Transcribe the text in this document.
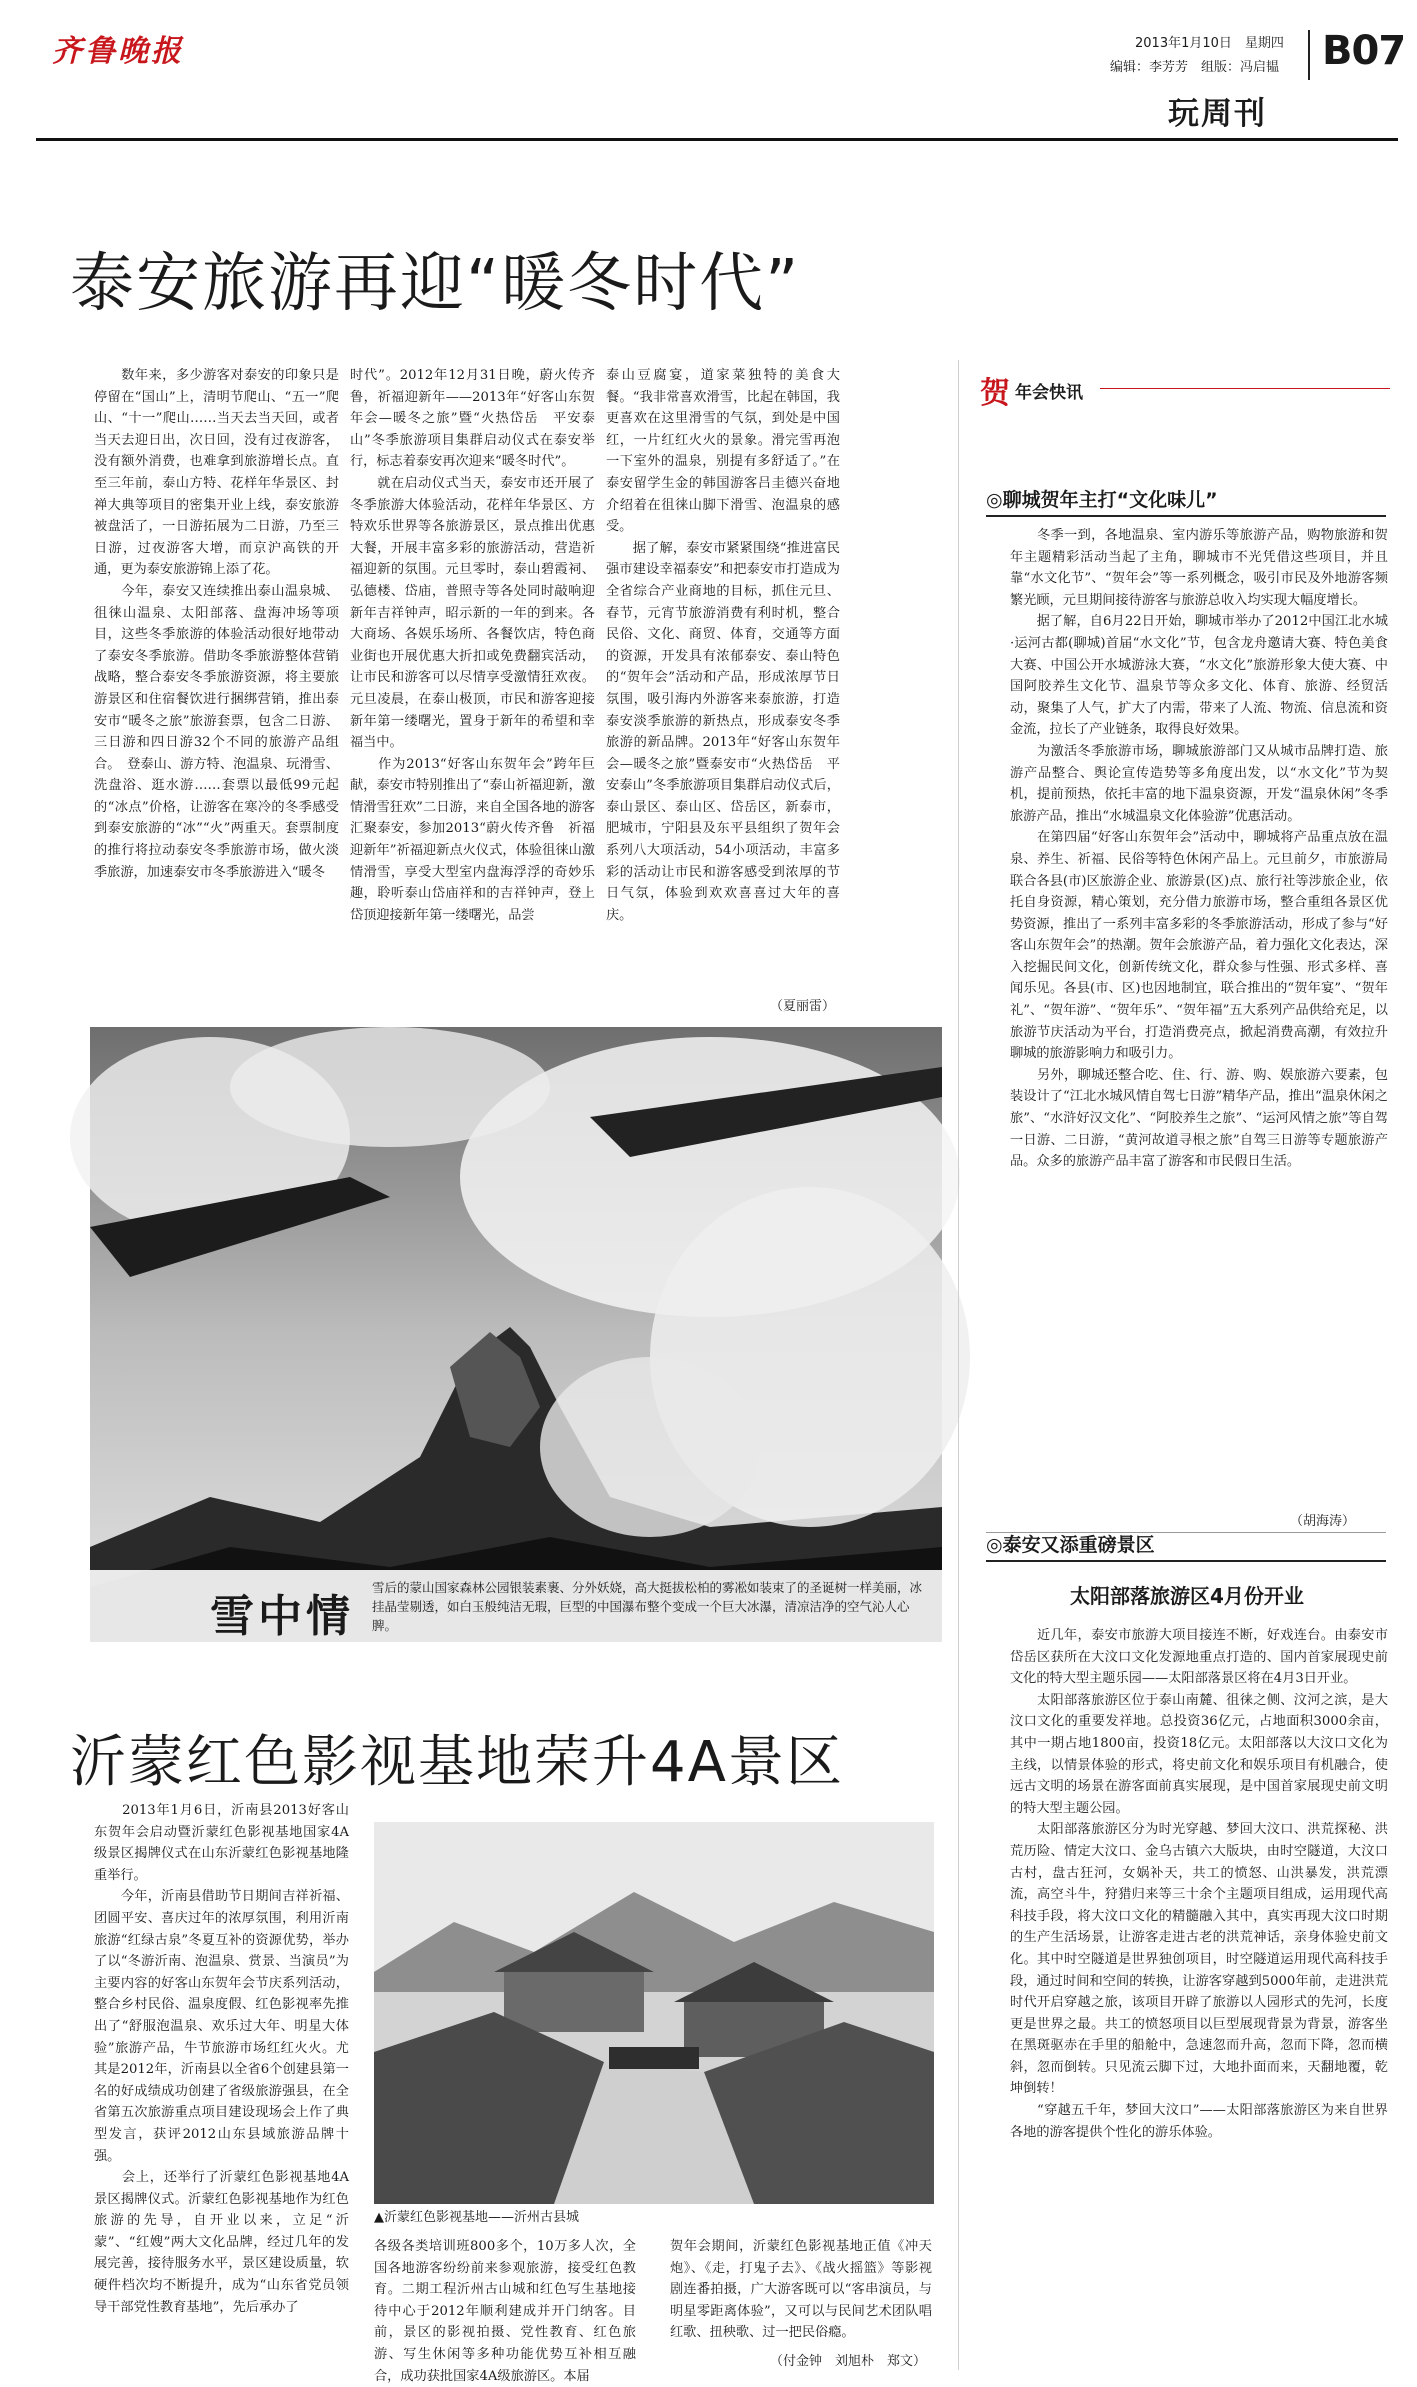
齐鲁晚报	2013年1月10日　星期四
编辑：李芳芳　组版：冯启韫 B07
玩周刊
泰安旅游再迎“暖冬时代”
　　数年来，多少游客对泰安的印象只是停留在“国山”上，清明节爬山、“五一”爬山、“十一”爬山……当天去当天回，或者当天去迎日出，次日回，没有过夜游客，没有额外消费，也难拿到旅游增长点。直至三年前，泰山方特、花样年华景区、封禅大典等项目的密集开业上线，泰安旅游被盘活了，一日游拓展为二日游，乃至三日游，过夜游客大增，而京沪高铁的开通，更为泰安旅游锦上添了花。
　　今年，泰安又连续推出泰山温泉城、徂徕山温泉、太阳部落、盘海冲场等项目，这些冬季旅游的体验活动很好地带动了泰安冬季旅游。借助冬季旅游整体营销战略，整合泰安冬季旅游资源，将主要旅游景区和住宿餐饮进行捆绑营销，推出泰安市“暖冬之旅”旅游套票，包含二日游、三日游和四日游32个不同的旅游产品组合。　登泰山、游方特、泡温泉、玩滑雪、洗盘浴、逛水游……套票以最低99元起的“冰点”价格，让游客在寒冷的冬季感受到泰安旅游的“冰”“火”两重天。套票制度的推行将拉动泰安冬季旅游市场，做火淡季旅游，加速泰安市冬季旅游进入“暖冬
时代”。2012年12月31日晚，蔚火传齐鲁，祈福迎新年——2013年“好客山东贺年会—暖冬之旅”暨“火热岱岳　平安泰山”冬季旅游项目集群启动仪式在泰安举行，标志着泰安再次迎来“暖冬时代”。
　　就在启动仪式当天，泰安市还开展了冬季旅游大体验活动，花样年华景区、方特欢乐世界等各旅游景区，景点推出优惠大餐，开展丰富多彩的旅游活动，营造祈福迎新的氛围。元旦零时，泰山碧霞祠、弘德楼、岱庙，普照寺等各处同时敲响迎新年吉祥钟声，昭示新的一年的到来。各大商场、各娱乐场所、各餐饮店，特色商业街也开展优惠大折扣或免费翻宾活动，让市民和游客可以尽情享受激情狂欢夜。元旦凌晨，在泰山极顶，市民和游客迎接新年第一缕曙光，置身于新年的希望和幸福当中。
　　作为2013“好客山东贺年会”跨年巨献，泰安市特别推出了“泰山祈福迎新，激情滑雪狂欢”二日游，来自全国各地的游客汇聚泰安，参加2013“蔚火传齐鲁　祈福迎新年”祈福迎新点火仪式，体验徂徕山激情滑雪，享受大型室内盘海浮浮的奇妙乐趣，聆听泰山岱庙祥和的吉祥钟声，登上岱顶迎接新年第一缕曙光，品尝
泰山豆腐宴，道家菜独特的美食大餐。“我非常喜欢滑雪，比起在韩国，我更喜欢在这里滑雪的气氛，到处是中国红，一片红红火火的景象。滑完雪再泡一下室外的温泉，别提有多舒适了。”在泰安留学生金的韩国游客吕圭德兴奋地介绍着在徂徕山脚下滑雪、泡温泉的感受。
　　据了解，泰安市紧紧围绕“推进富民强市建设幸福泰安”和把泰安市打造成为全省综合产业商地的目标，抓住元旦、春节，元宵节旅游消费有利时机，整合民俗、文化、商贸、体育，交通等方面的资源，开发具有浓郁泰安、泰山特色的“贺年会”活动和产品，形成浓厚节日氛围，吸引海内外游客来泰旅游，打造泰安淡季旅游的新热点，形成泰安冬季旅游的新品牌。2013年“好客山东贺年会—暖冬之旅”暨泰安市“火热岱岳　平安泰山”冬季旅游项目集群启动仪式后，泰山景区、泰山区、岱岳区，新泰市，肥城市，宁阳县及东平县组织了贺年会系列八大项活动，54小项活动，丰富多彩的活动让市民和游客感受到浓厚的节日气氛，体验到欢欢喜喜过大年的喜庆。
（夏丽雷）
雪中情
雪后的蒙山国家森林公园银装素裹、分外妖娆，高大挺拔松柏的雾凇如装束了的圣诞树一样美丽，冰挂晶莹剔透，如白玉般纯洁无瑕，巨型的中国瀑布整个变成一个巨大冰瀑，清凉洁净的空气沁人心脾。
沂蒙红色影视基地荣升4A景区
　　2013年1月6日，沂南县2013好客山东贺年会启动暨沂蒙红色影视基地国家4A级景区揭牌仪式在山东沂蒙红色影视基地隆重举行。
　　今年，沂南县借助节日期间吉祥祈福、团圆平安、喜庆过年的浓厚氛围，利用沂南旅游“红绿古泉”冬夏互补的资源优势，举办了以“冬游沂南、泡温泉、赏景、当演员”为主要内容的好客山东贺年会节庆系列活动，整合乡村民俗、温泉度假、红色影视率先推出了“舒服泡温泉、欢乐过大年、明星大体验”旅游产品，牛节旅游市场红红火火。尤其是2012年，沂南县以全省6个创建县第一名的好成绩成功创建了省级旅游强县，在全省第五次旅游重点项目建设现场会上作了典型发言，获评2012山东县域旅游品牌十强。
　　会上，还举行了沂蒙红色影视基地4A景区揭牌仪式。沂蒙红色影视基地作为红色旅游的先导，自开业以来，立足“沂蒙”、“红嫂”两大文化品牌，经过几年的发展完善，接待服务水平，景区建设质量，软硬件档次均不断提升，成为“山东省党员领导干部党性教育基地”，先后承办了
▲沂蒙红色影视基地——沂州古县城
各级各类培训班800多个，10万多人次，全国各地游客纷纷前来参观旅游，接受红色教育。二期工程沂州古山城和红色写生基地接待中心于2012年顺利建成并开门纳客。目前，景区的影视拍摄、党性教育、红色旅游、写生休闲等多种功能优势互补相互融合，成功获批国家4A级旅游区。本届
贺年会期间，沂蒙红色影视基地正值《冲天炮》、《走，打鬼子去》、《战火摇篮》等影视剧连番拍摄，广大游客既可以“客串演员，与明星零距离体验”，又可以与民间艺术团队唱红歌、扭秧歌、过一把民俗瘾。
（付金钟　刘旭朴　郑文）
贺 年会快讯
◎聊城贺年主打“文化味儿”
　　冬季一到，各地温泉、室内游乐等旅游产品，购物旅游和贺年主题精彩活动当起了主角，聊城市不光凭借这些项目，并且靠“水文化节”、“贺年会”等一系列概念，吸引市民及外地游客频繁光顾，元旦期间接待游客与旅游总收入均实现大幅度增长。
　　据了解，自6月22日开始，聊城市举办了2012中国江北水城·运河古都(聊城)首届“水文化”节，包含龙舟邀请大赛、特色美食大赛、中国公开水城游泳大赛，“水文化”旅游形象大使大赛、中国阿胶养生文化节、温泉节等众多文化、体育、旅游、经贸活动，聚集了人气，扩大了内需，带来了人流、物流、信息流和资金流，拉长了产业链条，取得良好效果。
　　为激活冬季旅游市场，聊城旅游部门又从城市品牌打造、旅游产品整合、舆论宣传造势等多角度出发，以“水文化”节为契机，提前预热，依托丰富的地下温泉资源，开发“温泉休闲”冬季旅游产品，推出“水城温泉文化体验游”优惠活动。
　　在第四届“好客山东贺年会”活动中，聊城将产品重点放在温泉、养生、祈福、民俗等特色休闲产品上。元旦前夕，市旅游局联合各县(市)区旅游企业、旅游景(区)点、旅行社等涉旅企业，依托自身资源，精心策划，充分借力旅游市场，整合重组各景区优势资源，推出了一系列丰富多彩的冬季旅游活动，形成了参与“好客山东贺年会”的热潮。贺年会旅游产品，着力强化文化表达，深入挖掘民间文化，创新传统文化，群众参与性强、形式多样、喜闻乐见。各县(市、区)也因地制宜，联合推出的“贺年宴”、“贺年礼”、“贺年游”、“贺年乐”、“贺年福”五大系列产品供给充足，以旅游节庆活动为平台，打造消费亮点，掀起消费高潮，有效拉升聊城的旅游影响力和吸引力。
　　另外，聊城还整合吃、住、行、游、购、娱旅游六要素，包装设计了“江北水城风情自驾七日游”精华产品，推出“温泉休闲之旅”、“水浒好汉文化”、“阿胶养生之旅”、“运河风情之旅”等自驾一日游、二日游，“黄河故道寻根之旅”自驾三日游等专题旅游产品。众多的旅游产品丰富了游客和市民假日生活。
（胡海涛）
◎泰安又添重磅景区
太阳部落旅游区4月份开业
　　近几年，泰安市旅游大项目接连不断，好戏连台。由泰安市岱岳区获所在大汶口文化发源地重点打造的、国内首家展现史前文化的特大型主题乐园——太阳部落景区将在4月3日开业。
　　太阳部落旅游区位于泰山南麓、徂徕之侧、汶河之滨，是大汶口文化的重要发祥地。总投资36亿元，占地面积3000余亩，其中一期占地1800亩，投资18亿元。太阳部落以大汶口文化为主线，以情景体验的形式，将史前文化和娱乐项目有机融合，使远古文明的场景在游客面前真实展现，是中国首家展现史前文明的特大型主题公园。
　　太阳部落旅游区分为时光穿越、梦回大汶口、洪荒探秘、洪荒历险、情定大汶口、金乌古镇六大版块，由时空隧道，大汶口古村，盘古狂河，女娲补天，共工的愤怒、山洪暴发，洪荒漂流，高空斗牛，狩猎归来等三十余个主题项目组成，运用现代高科技手段，将大汶口文化的精髓融入其中，真实再现大汶口时期的生产生活场景，让游客走进古老的洪荒神话，亲身体验史前文化。其中时空隧道是世界独创项目，时空隧道运用现代高科技手段，通过时间和空间的转换，让游客穿越到5000年前，走进洪荒时代开启穿越之旅，该项目开辟了旅游以人园形式的先河，长度更是世界之最。共工的愤怒项目以巨型展现背景为背景，游客坐在黑斑驱赤在手里的船舱中，急速忽而升高，忽而下降，忽而横斜，忽而倒转。只见流云脚下过，大地扑面而来，天翻地覆，乾坤倒转！
　　“穿越五千年，梦回大汶口”——太阳部落旅游区为来自世界各地的游客提供个性化的游乐体验。
